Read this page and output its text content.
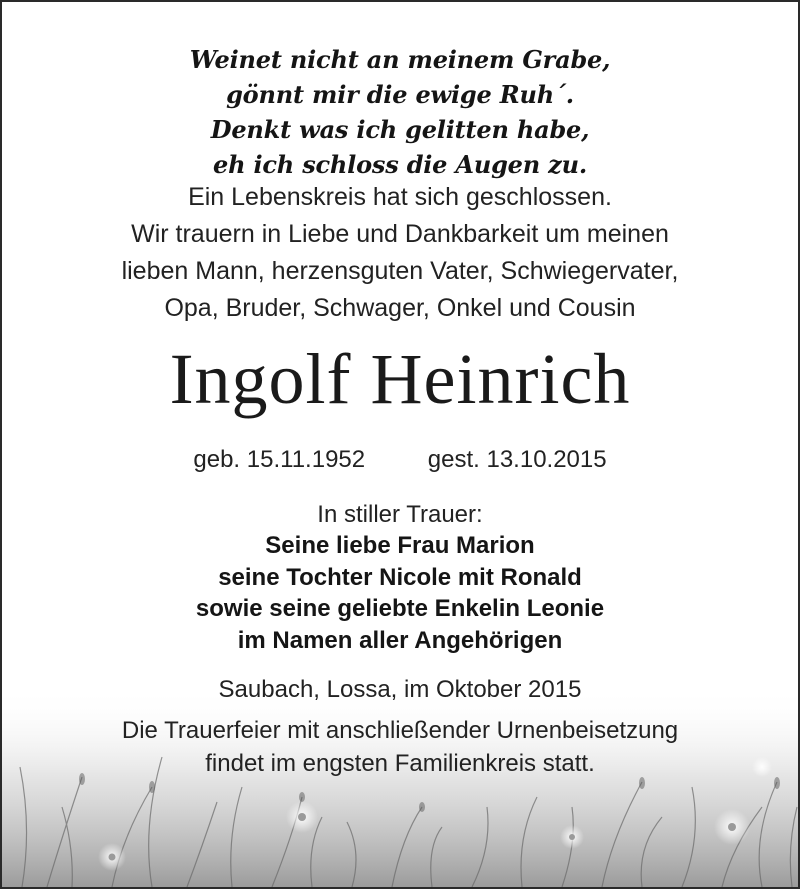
Weinet nicht an meinem Grabe,
gönnt mir die ewige Ruh´.
Denkt was ich gelitten habe,
eh ich schloss die Augen zu.
Ein Lebenskreis hat sich geschlossen.
Wir trauern in Liebe und Dankbarkeit um meinen
lieben Mann, herzensguten Vater, Schwiegervater,
Opa, Bruder, Schwager, Onkel und Cousin
Ingolf Heinrich
geb. 15.11.1952	gest. 13.10.2015
In stiller Trauer:
Seine liebe Frau Marion
seine Tochter Nicole mit Ronald
sowie seine geliebte Enkelin Leonie
im Namen aller Angehörigen
Saubach, Lossa, im Oktober 2015
Die Trauerfeier mit anschließender Urnenbeisetzung
findet im engsten Familienkreis statt.
